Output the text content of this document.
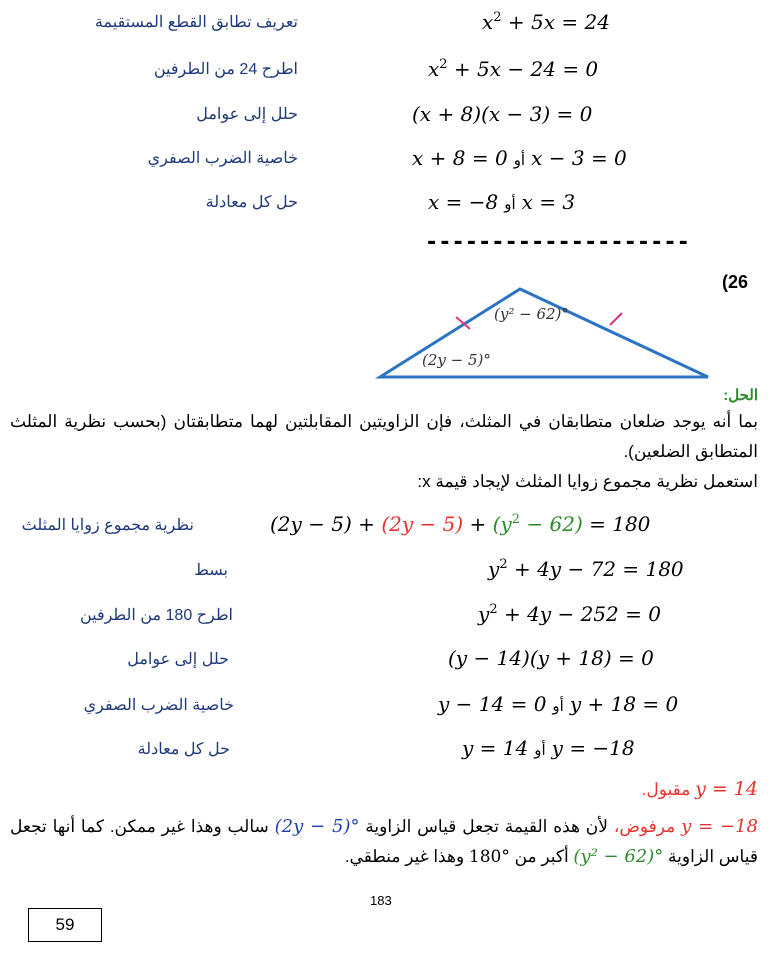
تعريف تطابق القطع المستقيمة	$x^2 + 5x = 24$
اطرح 24 من الطرفين	$x^2 + 5x - 24 = 0$
حلل إلى عوامل	(x + 8)(x − 3) = 0
خاصية الضرب الصفري	x + 8 = 0 أو x − 3 = 0
حل كل معادلة	x = −8 أو x = 3
--------------------
(26
(y² − 62)°
(2y − 5)°
الحل:
بما أنه يوجد ضلعان متطابقان في المثلث، فإن الزاويتين المقابلتين لهما متطابقتان (بحسب نظرية المثلث المتطابق الضلعين).
استعمل نظرية مجموع زوايا المثلث لإيجاد قيمة x:
نظرية مجموع زوايا المثلث	$(2y - 5) + (2y - 5) + (y^2 - 62) = 180$
بسط	$y^2 + 4y - 72 = 180$
اطرح 180 من الطرفين	$y^2 + 4y - 252 = 0$
حلل إلى عوامل	(y − 14)(y + 18) = 0
خاصية الضرب الصفري	y − 14 = 0 أو y + 18 = 0
حل كل معادلة	y = 14 أو y = −18
y = 14 مقبول.
y = −18 مرفوض، لأن هذه القيمة تجعل قياس الزاوية (2y − 5)° سالب وهذا غير ممكن. كما أنها تجعل قياس الزاوية (y² − 62)° أكبر من 180° وهذا غير منطقي.
183
59
